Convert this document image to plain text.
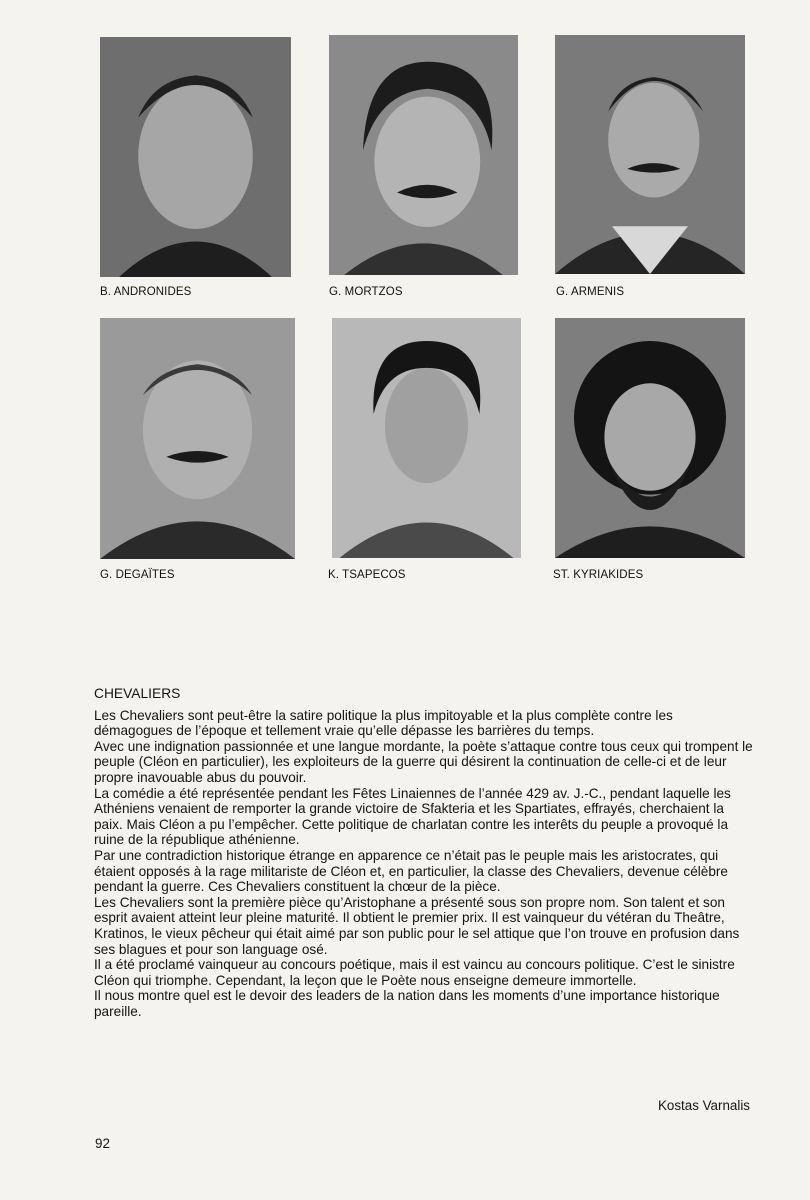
B. ANDRONIDES	G. MORTZOS	G. ARMENIS
G. DEGAÏTES	K. TSAPECOS	ST. KYRIAKIDES
CHEVALIERS

Les Chevaliers sont peut-être la satire politique la plus impitoyable et la plus complète contre les démagogues de l’époque et tellement vraie qu’elle dépasse les barrières du temps.

Avec une indignation passionnée et une langue mordante, la poète s’attaque contre tous ceux qui trompent le peuple (Cléon en particulier), les exploiteurs de la guerre qui désirent la continuation de celle-ci et de leur propre inavouable abus du pouvoir.

La comédie a été représentée pendant les Fêtes Linaiennes de l’année 429 av. J.-C., pendant laquelle les Athéniens venaient de remporter la grande victoire de Sfakteria et les Spartiates, effrayés, cherchaient la paix. Mais Cléon a pu l’empêcher. Cette politique de charlatan contre les interêts du peuple a provoqué la ruine de la république athénienne.

Par une contradiction historique étrange en apparence ce n’était pas le peuple mais les aristocrates, qui étaient opposés à la rage militariste de Cléon et, en particulier, la classe des Chevaliers, devenue célèbre pendant la guerre. Ces Chevaliers constituent la chœur de la pièce.

Les Chevaliers sont la première pièce qu’Aristophane a présenté sous son propre nom. Son talent et son esprit avaient atteint leur pleine maturité. Il obtient le premier prix. Il est vainqueur du vétéran du Theâtre, Kratinos, le vieux pêcheur qui était aimé par son public pour le sel attique que l’on trouve en profusion dans ses blagues et pour son language osé.

Il a été proclamé vainqueur au concours poétique, mais il est vaincu au concours politique. C’est le sinistre Cléon qui triomphe. Cependant, la leçon que le Poète nous enseigne demeure immortelle.

Il nous montre quel est le devoir des leaders de la nation dans les moments d’une importance historique pareille.

Kostas Varnalis
92
